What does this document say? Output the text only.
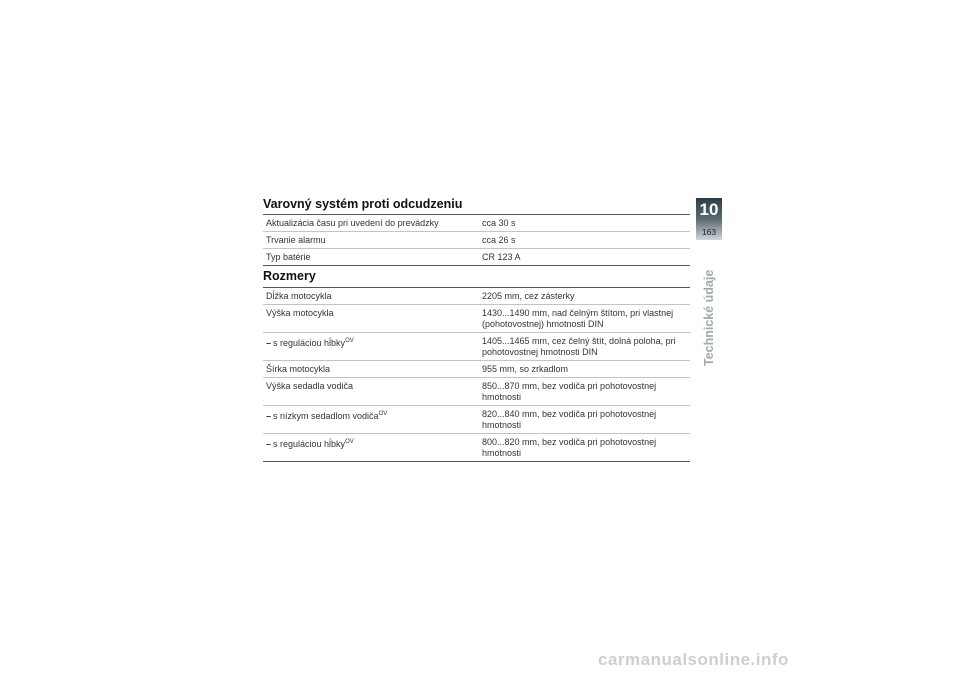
Varovný systém proti odcudzeniu
Aktualizácia času pri uvedení do prevádzky	cca 30 s
Trvanie alarmu	cca 26 s
Typ batérie	CR 123 A
Rozmery
Dĺžka motocykla	2205 mm, cez zásterky
Výška motocykla	1430...1490 mm, nad čelným štítom, pri vlastnej (pohotovostnej) hmotnosti DIN
– s reguláciou hĺbky$^{OV}$	1405...1465 mm, cez čelný štít, dolná poloha, pri pohotovostnej hmotnosti DIN
Šírka motocykla	955 mm, so zrkadlom
Výška sedadla vodiča	850...870 mm, bez vodiča pri pohotovostnej hmotnosti
– s nízkym sedadlom vodiča$^{OV}$	820...840 mm, bez vodiča pri pohotovostnej hmotnosti
– s reguláciou hĺbky$^{OV}$	800...820 mm, bez vodiča pri pohotovostnej hmotnosti
10
163
Technické údaje
carmanualsonline.info
